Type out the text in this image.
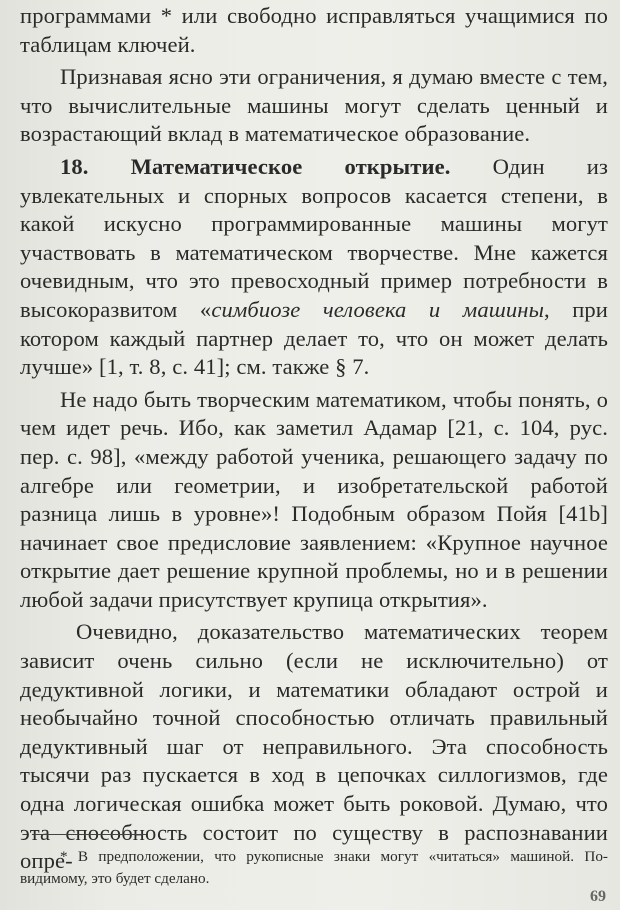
программами * или свободно исправляться учащимися по таблицам ключей.

Признавая ясно эти ограничения, я думаю вместе с тем, что вычислительные машины могут сделать ценный и возрастающий вклад в математическое образование.

18. Математическое открытие. Один из увлекательных и спорных вопросов касается степени, в какой искусно программированные машины могут участвовать в математическом творчестве. Мне кажется очевидным, что это превосходный пример потребности в высокоразвитом «симбиозе человека и машины, при котором каждый партнер делает то, что он может делать лучше» [1, т. 8, с. 41]; см. также § 7.

Не надо быть творческим математиком, чтобы понять, о чем идет речь. Ибо, как заметил Адамар [21, с. 104, рус. пер. с. 98], «между работой ученика, решающего задачу по алгебре или геометрии, и изобретательской работой разница лишь в уровне»! Подобным образом Пойя [41b] начинает свое предисловие заявлением: «Крупное научное открытие дает решение крупной проблемы, но и в решении любой задачи присутствует крупица открытия».

Очевидно, доказательство математических теорем зависит очень сильно (если не исключительно) от дедуктивной логики, и математики обладают острой и необычайно точной способностью отличать правильный дедуктивный шаг от неправильного. Эта способность тысячи раз пускается в ход в цепочках силлогизмов, где одна логическая ошибка может быть роковой. Думаю, что эта способность состоит по существу в распознавании опре-

* В предположении, что рукописные знаки могут «читаться» машиной. По-видимому, это будет сделано.

69
